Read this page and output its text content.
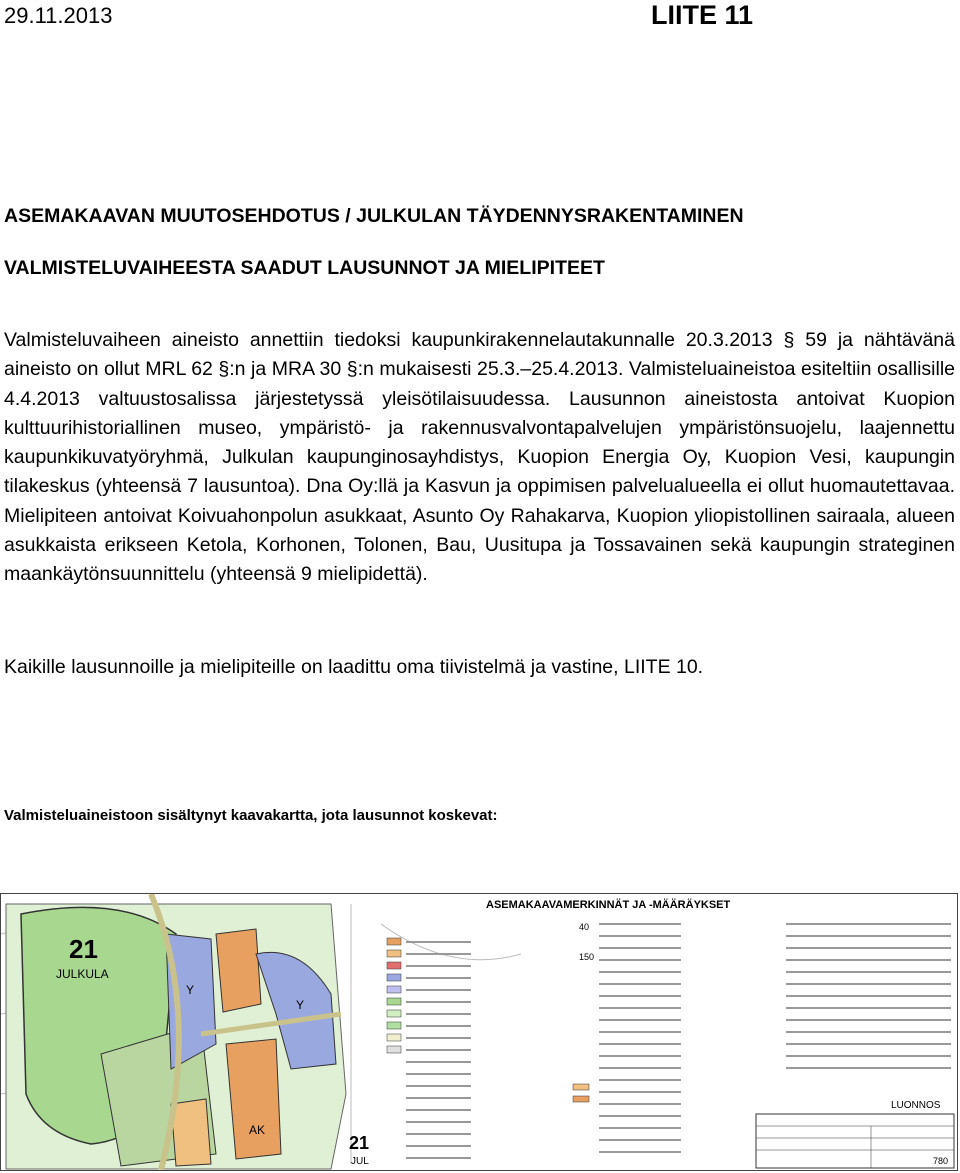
29.11.2013	LIITE 11
ASEMAKAAVAN MUUTOSEHDOTUS / JULKULAN TÄYDENNYSRAKENTAMINEN
VALMISTELUVAIHEESTA SAADUT LAUSUNNOT JA MIELIPITEET
Valmisteluvaiheen aineisto annettiin tiedoksi kaupunkirakennelautakunnalle 20.3.2013 § 59 ja nähtävänä aineisto on ollut MRL 62 §:n ja MRA 30 §:n mukaisesti 25.3.–25.4.2013. Valmisteluaineistoa esiteltiin osallisille 4.4.2013 valtuustosalissa järjestetyssä yleisötilaisuudessa. Lausunnon aineistosta antoivat Kuopion kulttuurihistoriallinen museo, ympäristö- ja rakennusvalvontapalvelujen ympäristönsuojelu, laajennettu kaupunkikuvatyöryhmä, Julkulan kaupunginosayhdistys, Kuopion Energia Oy, Kuopion Vesi, kaupungin tilakeskus (yhteensä 7 lausuntoa). Dna Oy:llä ja Kasvun ja oppimisen palvelualueella ei ollut huomautettavaa. Mielipiteen antoivat Koivuahonpolun asukkaat, Asunto Oy Rahakarva, Kuopion yliopistollinen sairaala, alueen asukkaista erikseen Ketola, Korhonen, Tolonen, Bau, Uusitupa ja Tossavainen sekä kaupungin strateginen maankäytönsuunnittelu (yhteensä 9 mielipidettä).
Kaikille lausunnoille ja mielipiteille on laadittu oma tiivistelmä ja vastine, LIITE 10.
Valmisteluaineistoon sisältynyt kaavakartta, jota lausunnot koskevat:
21
JULKULA
AK
Y
Y
21
JUL
ASEMAKAAVAMERKINNÄT JA -MÄÄRÄYKSET
40
150
LUONNOS
780
